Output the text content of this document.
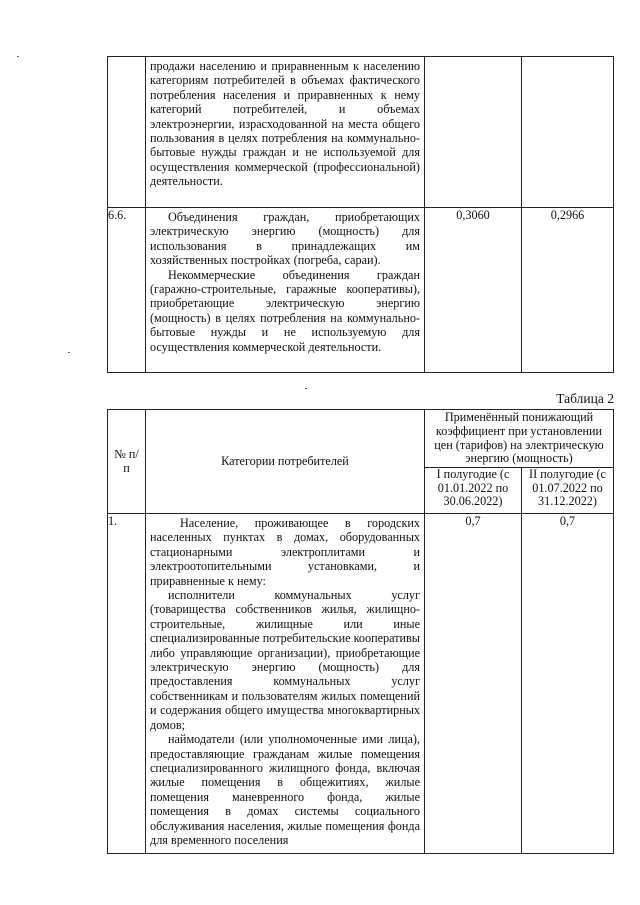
	продажи населению и приравненным к населению категориям потребителей в объемах фактического потребления населения и приравненных к нему категорий потребителей, и объемах электроэнергии, израсходованной на места общего пользования в целях потребления на коммунально-бытовые нужды граждан и не используемой для осуществления коммерческой (профессиональной) деятельности.		

6.6.	Объединения граждан, приобретающих электрическую энергию (мощность) для использования в принадлежащих им хозяйственных постройках (погреба, сараи).

Некоммерческие объединения граждан (гаражно-строительные, гаражные кооперативы), приобретающие электрическую энергию (мощность) в целях потребления на коммунально-бытовые нужды и не используемую для осуществления коммерческой деятельности.	0,3060	0,2966
Таблица 2
№ п/п	Категории потребителей	Применённый понижающий коэффициент при установлении цен (тарифов) на электрическую энергию (мощность)	
		I полугодие (с 01.01.2022 по 30.06.2022)	II полугодие (с 01.07.2022 по 31.12.2022)
1.	Население, проживающее в городских населенных пунктах в домах, оборудованных стационарными электроплитами и электроотопительными установками, и приравненные к нему:

исполнители коммунальных услуг (товарищества собственников жилья, жилищно-строительные, жилищные или иные специализированные потребительские кооперативы либо управляющие организации), приобретающие электрическую энергию (мощность) для предоставления коммунальных услуг собственникам и пользователям жилых помещений и содержания общего имущества многоквартирных домов;

наймодатели (или уполномоченные ими лица), предоставляющие гражданам жилые помещения специализированного жилищного фонда, включая жилые помещения в общежитиях, жилые помещения маневренного фонда, жилые помещения в домах системы социального обслуживания населения, жилые помещения фонда для временного поселения	0,7	0,7
